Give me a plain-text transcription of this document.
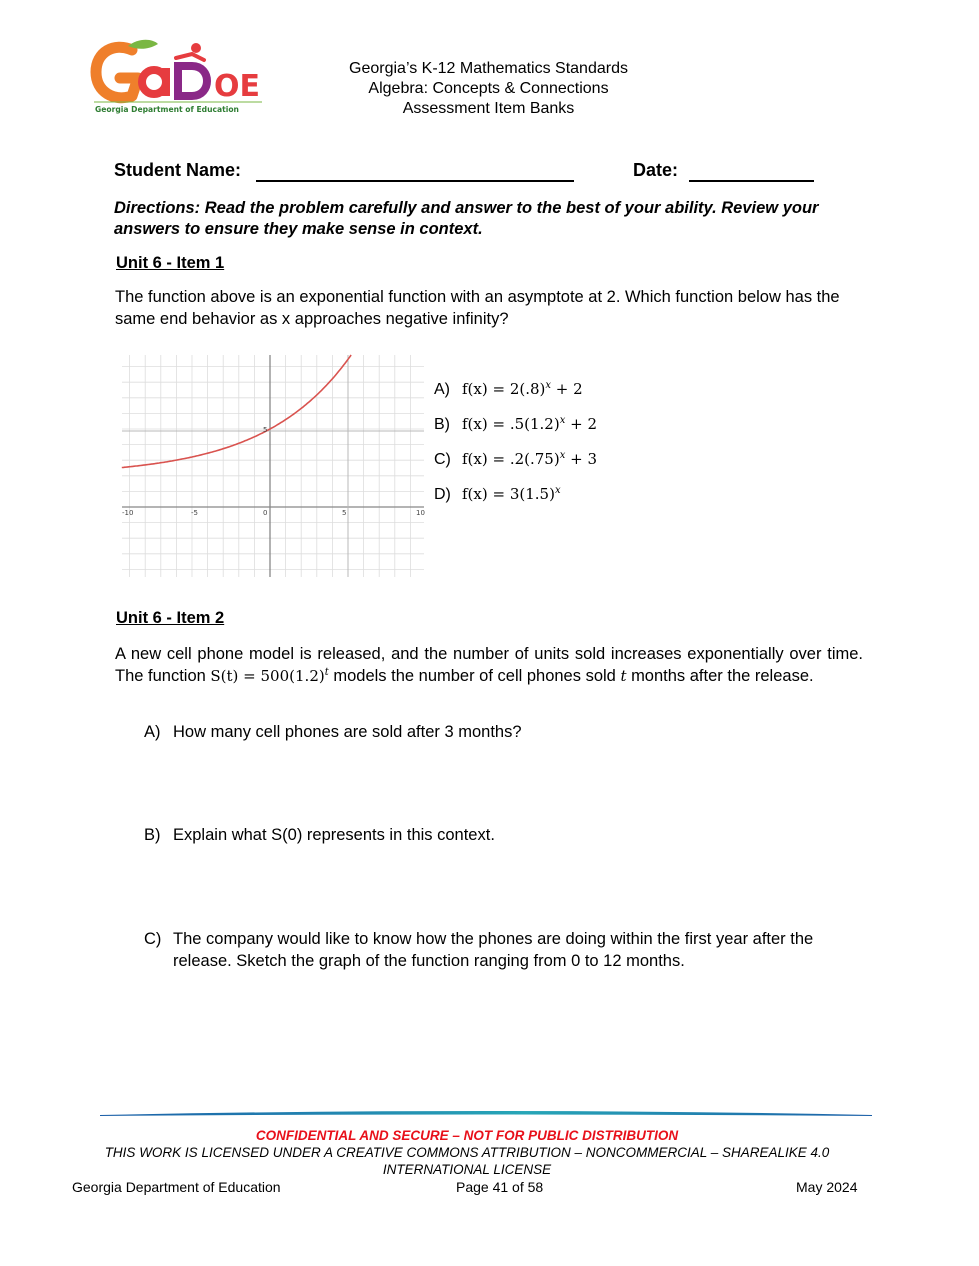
OE
Georgia Department of Education
Georgia’s K-12 Mathematics Standards
Algebra: Concepts & Connections
Assessment Item Banks
Student Name:	Date:
Directions: Read the problem carefully and answer to the best of your ability. Review your answers to ensure they make sense in context.
Unit 6 - Item 1
The function above is an exponential function with an asymptote at 2. Which function below has the same end behavior as x approaches negative infinity?
-10	-5	0	5	10
5
A) $f(x) = 2(.8)^x + 2$
B) $f(x) = .5(1.2)^x + 2$
C) $f(x) = .2(.75)^x + 3$
D) $f(x) = 3(1.5)^x$
Unit 6 - Item 2
A new cell phone model is released, and the number of units sold increases exponentially over time. The function $S(t) = 500(1.2)^t$ models the number of cell phones sold t months after the release.
A) How many cell phones are sold after 3 months?
B) Explain what S(0) represents in this context.
C) The company would like to know how the phones are doing within the first year after the release. Sketch the graph of the function ranging from 0 to 12 months.
CONFIDENTIAL AND SECURE – NOT FOR PUBLIC DISTRIBUTION
THIS WORK IS LICENSED UNDER A CREATIVE COMMONS ATTRIBUTION – NONCOMMERCIAL – SHAREALIKE 4.0 INTERNATIONAL LICENSE
Georgia Department of Education	Page 41 of 58	May 2024
